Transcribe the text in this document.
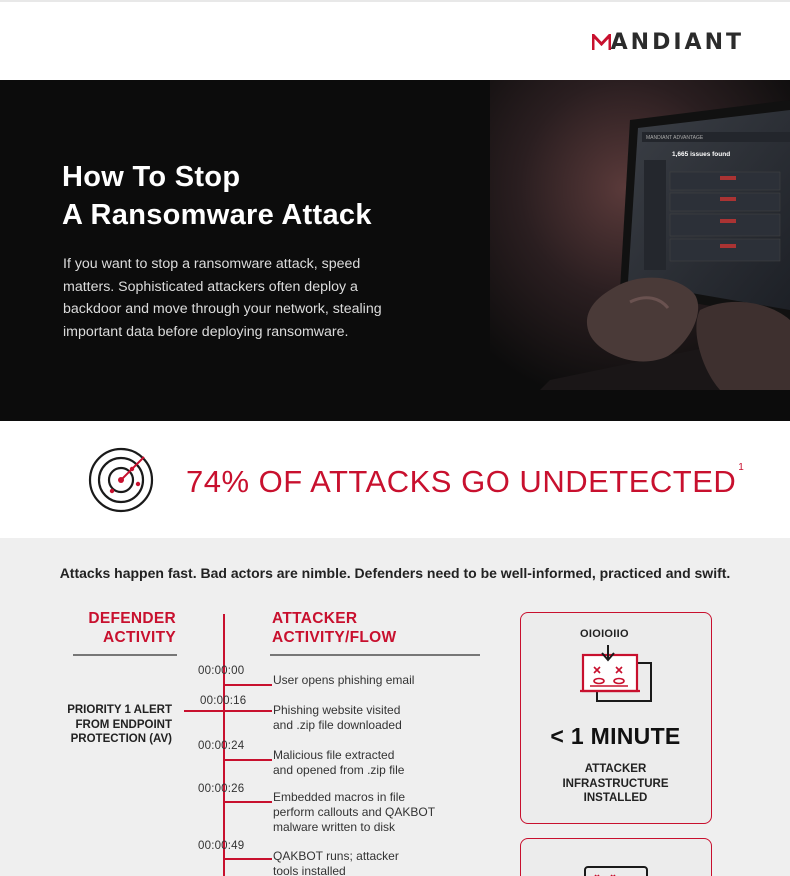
ANDIANT
How To Stop
A Ransomware Attack
If you want to stop a ransomware attack, speed matters. Sophisticated attackers often deploy a backdoor and move through your network, stealing important data before deploying ransomware.
MANDIANT ADVANTAGE
1,665 issues found
74% OF ATTACKS GO UNDETECTED $^1$
Attacks happen fast. Bad actors are nimble. Defenders need to be well-informed, practiced and swift.
DEFENDER
ACTIVITY
ATTACKER
ACTIVITY/FLOW
PRIORITY 1 ALERT
FROM ENDPOINT
PROTECTION (AV)
00:00:00
User opens phishing email
00:00:16
Phishing website visited
and .zip file downloaded
00:00:24
Malicious file extracted
and opened from .zip file
00:00:26
Embedded macros in file
perform callouts and QAKBOT
malware written to disk
00:00:49
QAKBOT runs; attacker
tools installed
OIOIOIIO
< 1 MINUTE
ATTACKER
INFRASTRUCTURE
INSTALLED
